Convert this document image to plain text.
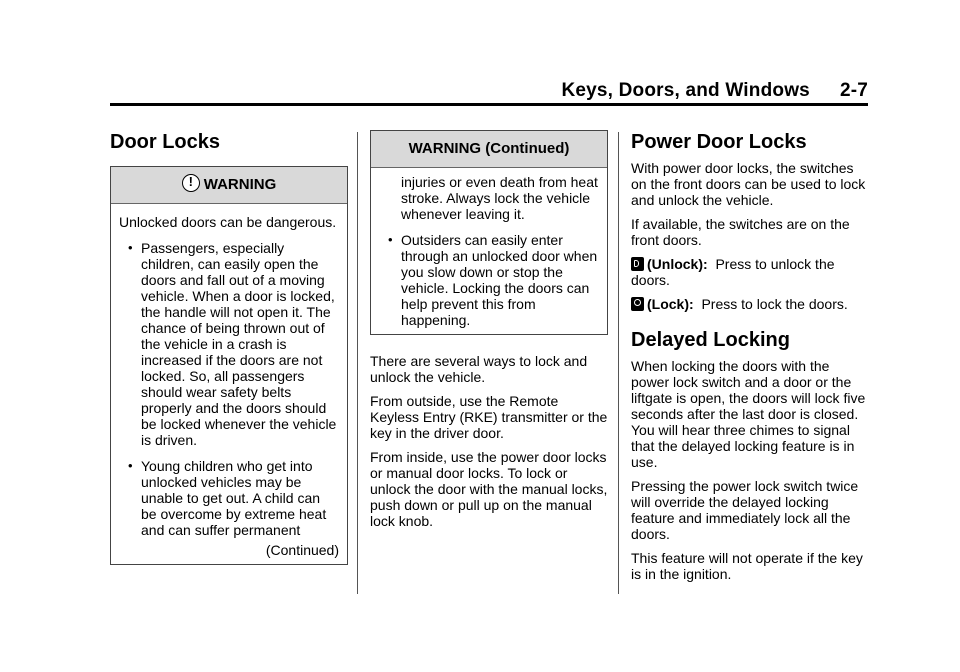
Keys, Doors, and Windows 2-7
Door Locks
!WARNING

Unlocked doors can be dangerous.

• Passengers, especially children, can easily open the doors and fall out of a moving vehicle. When a door is locked, the handle will not open it. The chance of being thrown out of the vehicle in a crash is increased if the doors are not locked. So, all passengers should wear safety belts properly and the doors should be locked whenever the vehicle is driven.
• Young children who get into unlocked vehicles may be unable to get out. A child can be overcome by extreme heat and can suffer permanent
(Continued)
WARNING (Continued)

injuries or even death from heat stroke. Always lock the vehicle whenever leaving it.

• Outsiders can easily enter through an unlocked door when you slow down or stop the vehicle. Locking the doors can help prevent this from happening.

There are several ways to lock and unlock the vehicle.

From outside, use the Remote Keyless Entry (RKE) transmitter or the key in the driver door.

From inside, use the power door locks or manual door locks. To lock or unlock the door with the manual locks, push down or pull up on the manual lock knob.

Power Door Locks

With power door locks, the switches on the front doors can be used to lock and unlock the vehicle.

If available, the switches are on the front doors.

(Unlock): Press to unlock the doors.

(Lock): Press to lock the doors.

Delayed Locking

When locking the doors with the power lock switch and a door or the liftgate is open, the doors will lock five seconds after the last door is closed. You will hear three chimes to signal that the delayed locking feature is in use.

Pressing the power lock switch twice will override the delayed locking feature and immediately lock all the doors.

This feature will not operate if the key is in the ignition.
